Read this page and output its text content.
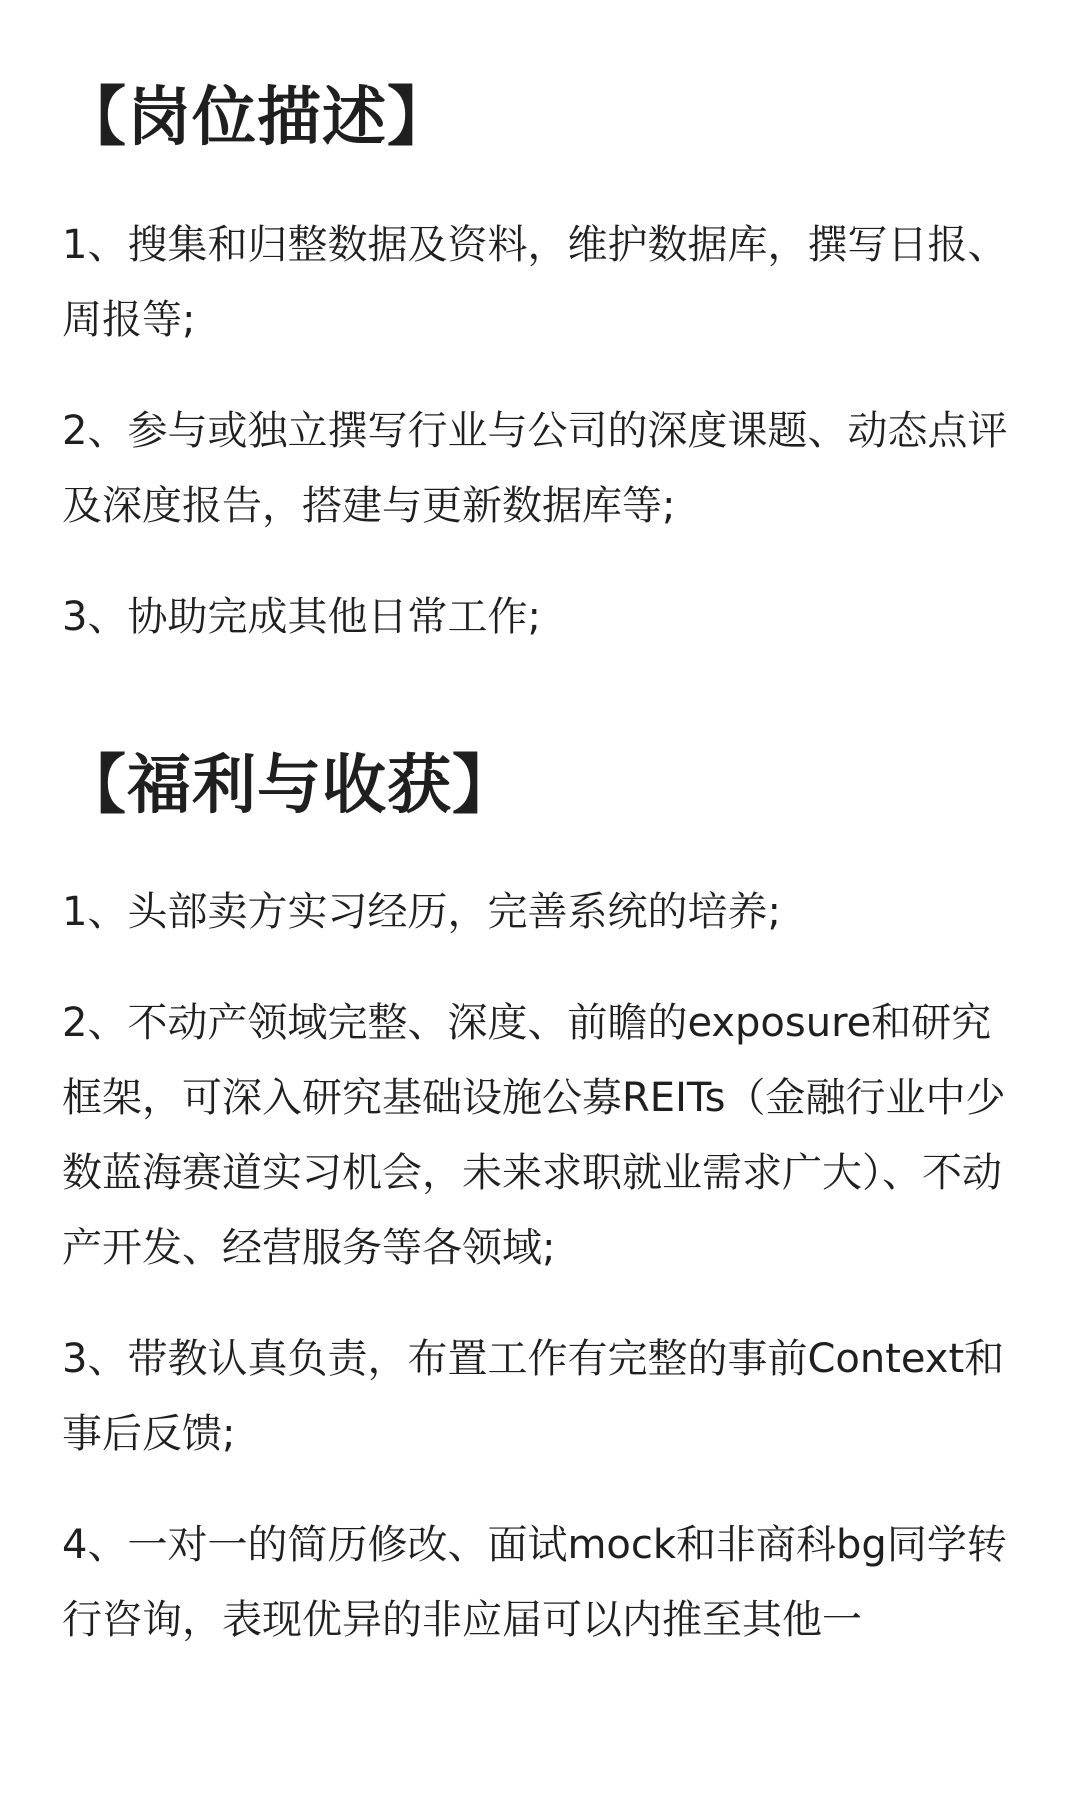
【岗位描述】

1、搜集和归整数据及资料，维护数据库，撰写日报、周报等;

2、参与或独立撰写行业与公司的深度课题、动态点评及深度报告，搭建与更新数据库等;

3、协助完成其他日常工作;

【福利与收获】

1、头部卖方实习经历，完善系统的培养;

2、不动产领域完整、深度、前瞻的exposure和研究框架，可深入研究基础设施公募REITs（金融行业中少数蓝海赛道实习机会，未来求职就业需求广大）、不动产开发、经营服务等各领域;

3、带教认真负责，布置工作有完整的事前Context和事后反馈;

4、一对一的简历修改、面试mock和非商科bg同学转行咨询，表现优异的非应届可以内推至其他一
